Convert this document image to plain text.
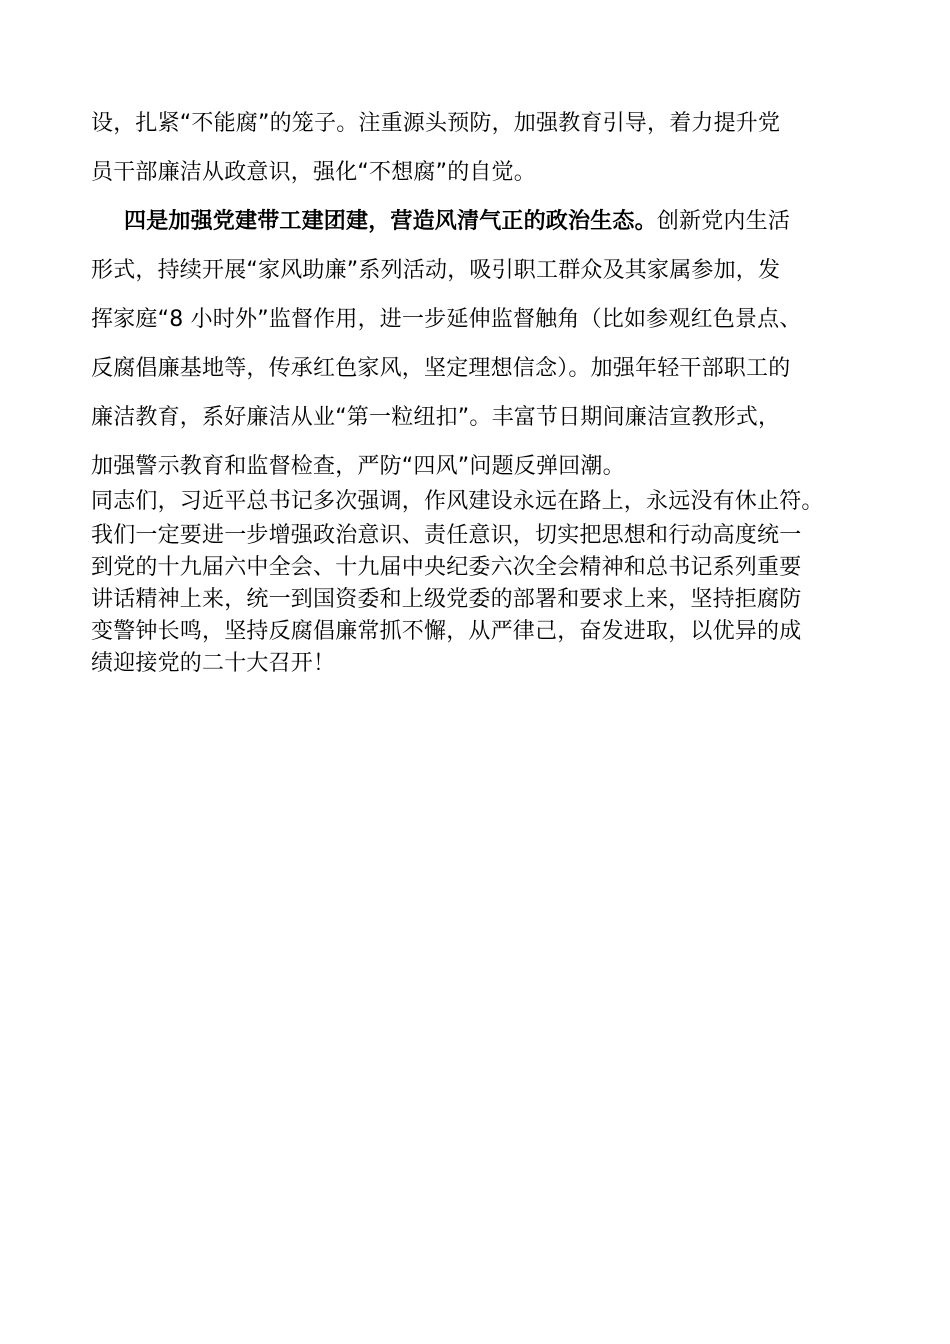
设，扎紧“不能腐”的笼子。注重源头预防，加强教育引导，着力提升党
员干部廉洁从政意识，强化“不想腐”的自觉。
四是加强党建带工建团建，营造风清气正的政治生态。创新党内生活
形式，持续开展“家风助廉”系列活动，吸引职工群众及其家属参加，发
挥家庭“8 小时外”监督作用，进一步延伸监督触角（比如参观红色景点、
反腐倡廉基地等，传承红色家风，坚定理想信念）。加强年轻干部职工的
廉洁教育，系好廉洁从业“第一粒纽扣”。丰富节日期间廉洁宣教形式，
加强警示教育和监督检查，严防“四风”问题反弹回潮。
同志们，习近平总书记多次强调，作风建设永远在路上，永远没有休止符。
我们一定要进一步增强政治意识、责任意识，切实把思想和行动高度统一
到党的十九届六中全会、十九届中央纪委六次全会精神和总书记系列重要
讲话精神上来，统一到国资委和上级党委的部署和要求上来，坚持拒腐防
变警钟长鸣，坚持反腐倡廉常抓不懈，从严律己，奋发进取，以优异的成
绩迎接党的二十大召开！
